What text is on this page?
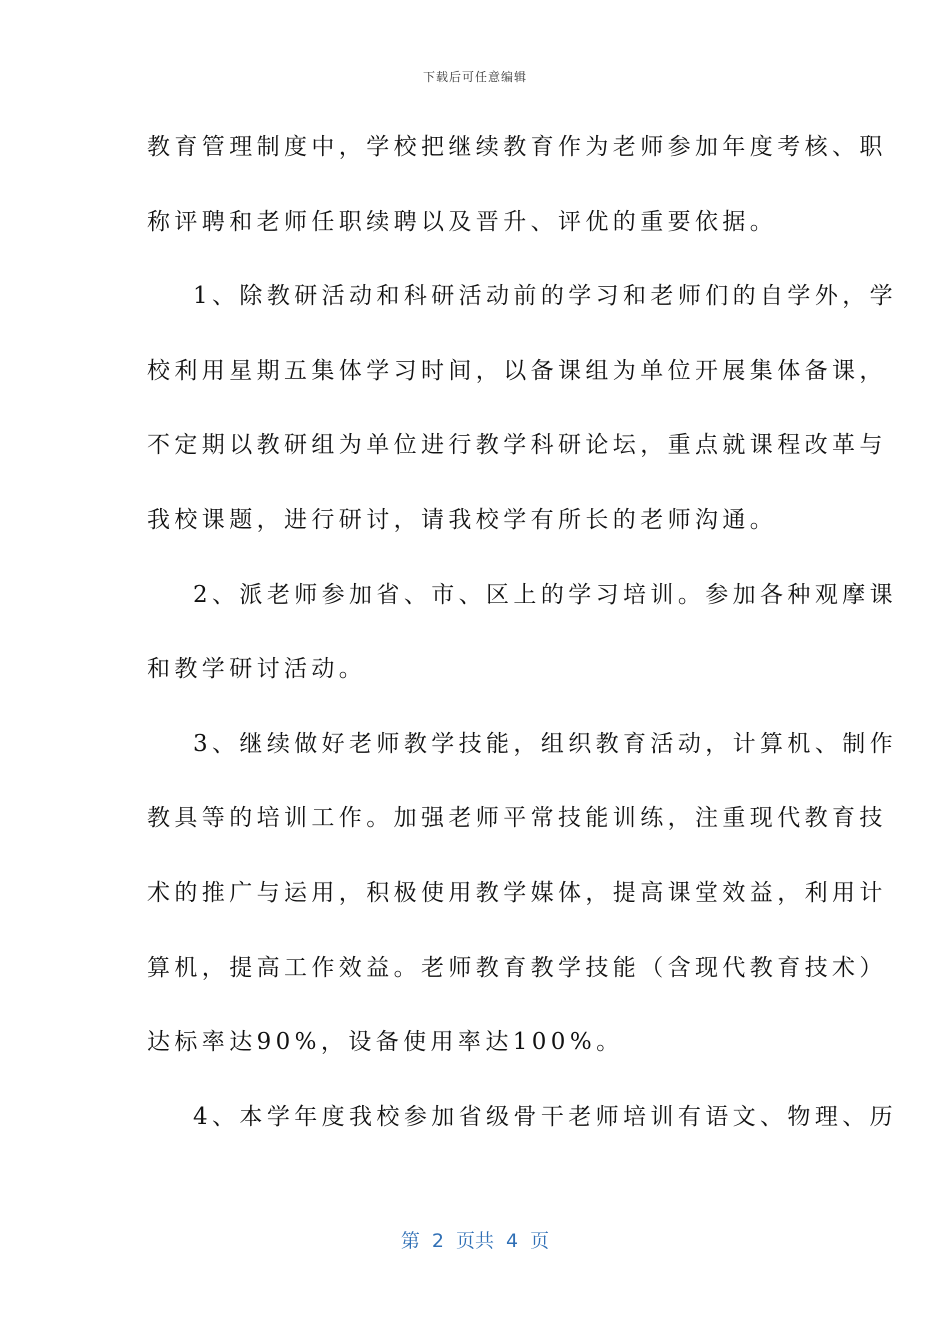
下载后可任意编辑
教育管理制度中，学校把继续教育作为老师参加年度考核、职
称评聘和老师任职续聘以及晋升、评优的重要依据。
1、除教研活动和科研活动前的学习和老师们的自学外，学
校利用星期五集体学习时间，以备课组为单位开展集体备课，
不定期以教研组为单位进行教学科研论坛，重点就课程改革与
我校课题，进行研讨，请我校学有所长的老师沟通。
2、派老师参加省、市、区上的学习培训。参加各种观摩课
和教学研讨活动。
3、继续做好老师教学技能，组织教育活动，计算机、制作
教具等的培训工作。加强老师平常技能训练，注重现代教育技
术的推广与运用，积极使用教学媒体，提高课堂效益，利用计
算机，提高工作效益。老师教育教学技能（含现代教育技术）
达标率达90%，设备使用率达100%。
4、本学年度我校参加省级骨干老师培训有语文、物理、历
第 2 页共 4 页
